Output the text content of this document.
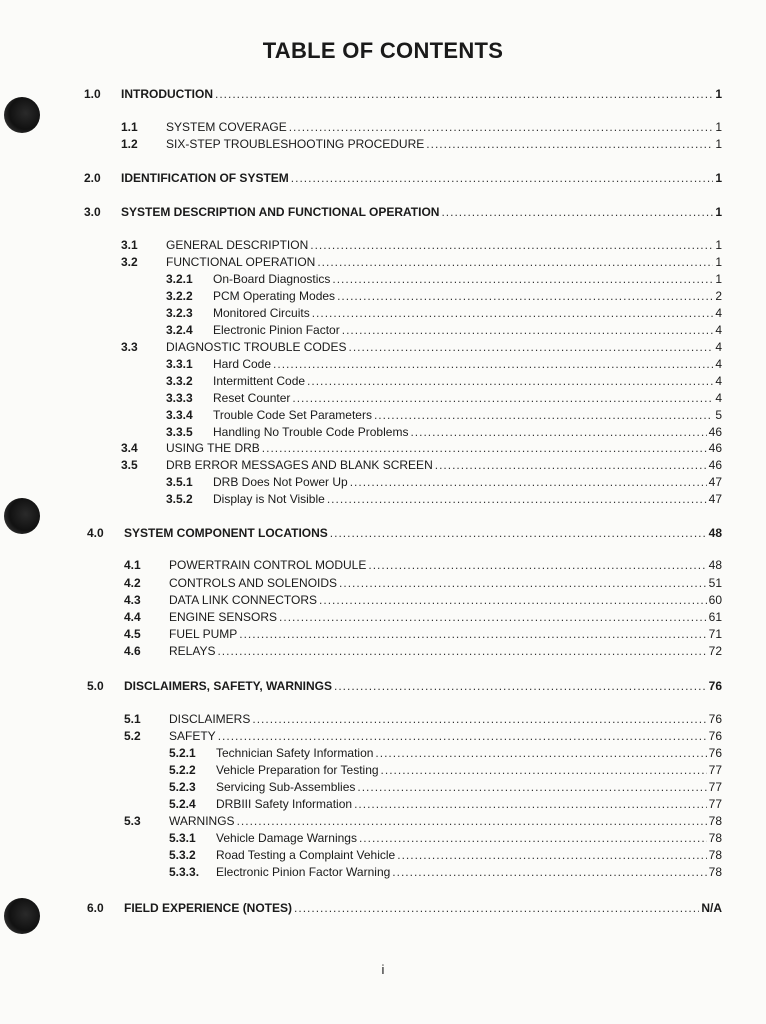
TABLE OF CONTENTS
1.0	INTRODUCTION .....	1
1.1	SYSTEM COVERAGE .....	1
1.2	SIX-STEP TROUBLESHOOTING PROCEDURE .....	1
2.0	IDENTIFICATION OF SYSTEM .....	1
3.0	SYSTEM DESCRIPTION AND FUNCTIONAL OPERATION .....	1
3.1	GENERAL DESCRIPTION .....	1
3.2	FUNCTIONAL OPERATION .....	1
3.2.1	On-Board Diagnostics .....	1
3.2.2	PCM Operating Modes .....	2
3.2.3	Monitored Circuits .....	4
3.2.4	Electronic Pinion Factor .....	4
3.3	DIAGNOSTIC TROUBLE CODES .....	4
3.3.1	Hard Code .....	4
3.3.2	Intermittent Code .....	4
3.3.3	Reset Counter .....	4
3.3.4	Trouble Code Set Parameters .....	5
3.3.5	Handling No Trouble Code Problems .....	46
3.4	USING THE DRB .....	46
3.5	DRB ERROR MESSAGES AND BLANK SCREEN .....	46
3.5.1	DRB Does Not Power Up .....	47
3.5.2	Display is Not Visible .....	47
4.0	SYSTEM COMPONENT LOCATIONS .....	48
4.1	POWERTRAIN CONTROL MODULE .....	48
4.2	CONTROLS AND SOLENOIDS .....	51
4.3	DATA LINK CONNECTORS .....	60
4.4	ENGINE SENSORS .....	61
4.5	FUEL PUMP .....	71
4.6	RELAYS .....	72
5.0	DISCLAIMERS, SAFETY, WARNINGS .....	76
5.1	DISCLAIMERS .....	76
5.2	SAFETY .....	76
5.2.1	Technician Safety Information .....	76
5.2.2	Vehicle Preparation for Testing .....	77
5.2.3	Servicing Sub-Assemblies .....	77
5.2.4	DRBIII Safety Information .....	77
5.3	WARNINGS .....	78
5.3.1	Vehicle Damage Warnings .....	78
5.3.2	Road Testing a Complaint Vehicle .....	78
5.3.3.	Electronic Pinion Factor Warning .....	78
6.0	FIELD EXPERIENCE (NOTES) .....	N/A
i
